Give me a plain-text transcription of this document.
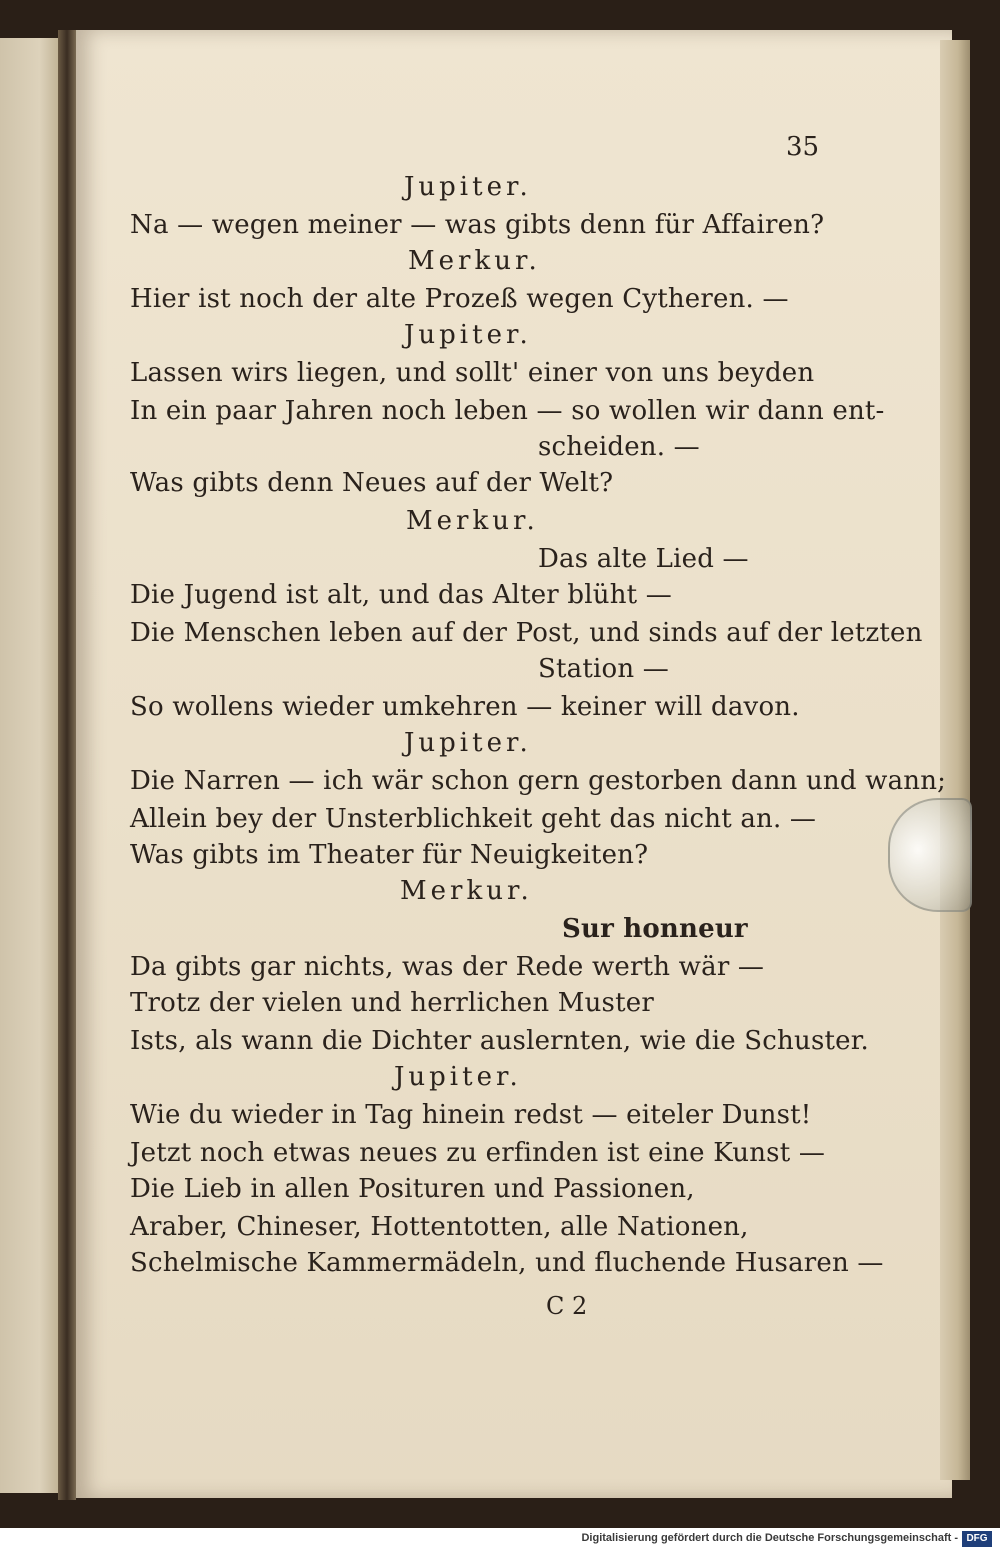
35
Jupiter.
Na — wegen meiner — was gibts denn für Affairen?
Merkur.
Hier ist noch der alte Prozeß wegen Cytheren. —
Jupiter.
Lassen wirs liegen, und sollt' einer von uns beyden
In ein paar Jahren noch leben — so wollen wir dann ent-
scheiden. —
Was gibts denn Neues auf der Welt?
Merkur.
Das alte Lied —
Die Jugend ist alt, und das Alter blüht —
Die Menschen leben auf der Post, und sinds auf der letzten
Station —
So wollens wieder umkehren — keiner will davon.
Jupiter.
Die Narren — ich wär schon gern gestorben dann und wann;
Allein bey der Unsterblichkeit geht das nicht an. —
Was gibts im Theater für Neuigkeiten?
Merkur.
Sur honneur
Da gibts gar nichts, was der Rede werth wär —
Trotz der vielen und herrlichen Muster
Ists, als wann die Dichter auslernten, wie die Schuster.
Jupiter.
Wie du wieder in Tag hinein redst — eiteler Dunst!
Jetzt noch etwas neues zu erfinden ist eine Kunst —
Die Lieb in allen Posituren und Passionen,
Araber, Chineser, Hottentotten, alle Nationen,
Schelmische Kammermädeln, und fluchende Husaren —
C 2
Digitalisierung gefördert durch die Deutsche Forschungsgemeinschaft - DFG
